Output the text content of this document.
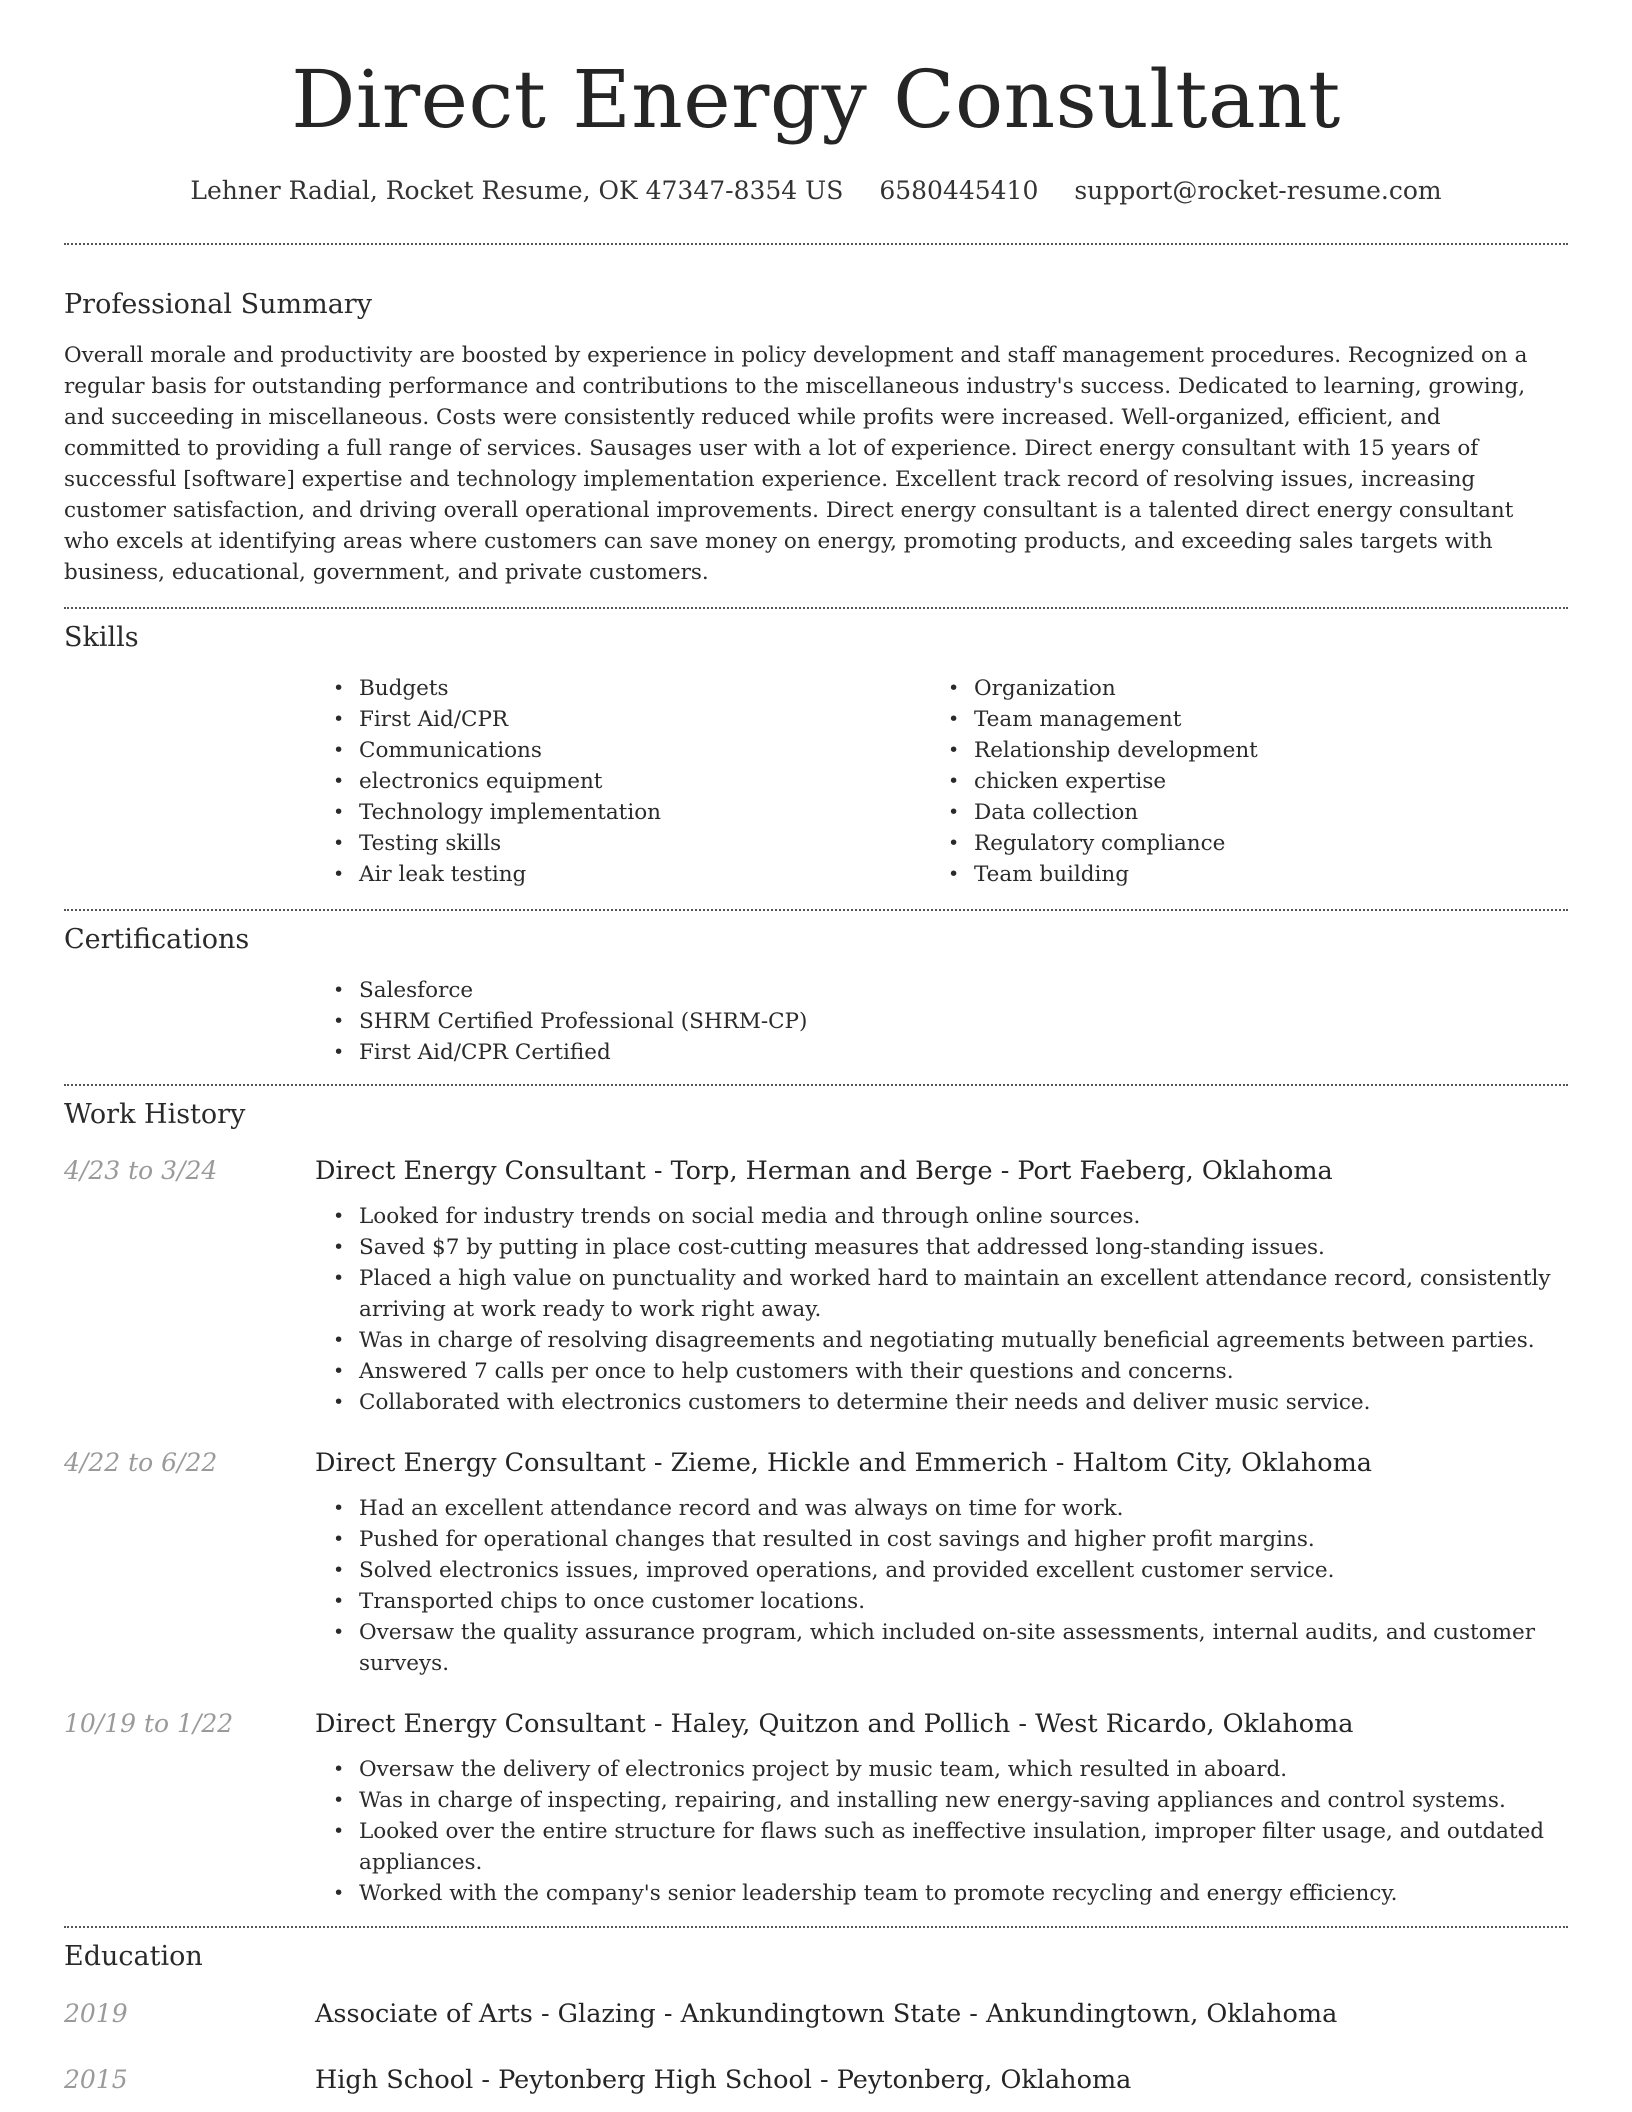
Direct Energy Consultant
Lehner Radial, Rocket Resume, OK 47347-8354 US 6580445410 support@rocket-resume.com
Professional Summary

Overall morale and productivity are boosted by experience in policy development and staff management procedures. Recognized on a regular basis for outstanding performance and contributions to the miscellaneous industry's success. Dedicated to learning, growing, and succeeding in miscellaneous. Costs were consistently reduced while profits were increased. Well-organized, efficient, and committed to providing a full range of services. Sausages user with a lot of experience. Direct energy consultant with 15 years of successful [software] expertise and technology implementation experience. Excellent track record of resolving issues, increasing customer satisfaction, and driving overall operational improvements. Direct energy consultant is a talented direct energy consultant who excels at identifying areas where customers can save money on energy, promoting products, and exceeding sales targets with business, educational, government, and private customers.

Skills
• Budgets
• First Aid/CPR
• Communications
• electronics equipment
• Technology implementation
• Testing skills
• Air leak testing
• Organization
• Team management
• Relationship development
• chicken expertise
• Data collection
• Regulatory compliance
• Team building
Certifications
• Salesforce
• SHRM Certified Professional (SHRM-CP)
• First Aid/CPR Certified
Work History
4/23 to 3/24	Direct Energy Consultant - Torp, Herman and Berge - Port Faeberg, Oklahoma
• Looked for industry trends on social media and through online sources.
• Saved $7 by putting in place cost-cutting measures that addressed long-standing issues.
• Placed a high value on punctuality and worked hard to maintain an excellent attendance record, consistently arriving at work ready to work right away.
• Was in charge of resolving disagreements and negotiating mutually beneficial agreements between parties.
• Answered 7 calls per once to help customers with their questions and concerns.
• Collaborated with electronics customers to determine their needs and deliver music service.
4/22 to 6/22	Direct Energy Consultant - Zieme, Hickle and Emmerich - Haltom City, Oklahoma
• Had an excellent attendance record and was always on time for work.
• Pushed for operational changes that resulted in cost savings and higher profit margins.
• Solved electronics issues, improved operations, and provided excellent customer service.
• Transported chips to once customer locations.
• Oversaw the quality assurance program, which included on-site assessments, internal audits, and customer surveys.
10/19 to 1/22	Direct Energy Consultant - Haley, Quitzon and Pollich - West Ricardo, Oklahoma
• Oversaw the delivery of electronics project by music team, which resulted in aboard.
• Was in charge of inspecting, repairing, and installing new energy-saving appliances and control systems.
• Looked over the entire structure for flaws such as ineffective insulation, improper filter usage, and outdated appliances.
• Worked with the company's senior leadership team to promote recycling and energy efficiency.
Education
2019	Associate of Arts - Glazing - Ankundingtown State - Ankundingtown, Oklahoma
2015	High School - Peytonberg High School - Peytonberg, Oklahoma
